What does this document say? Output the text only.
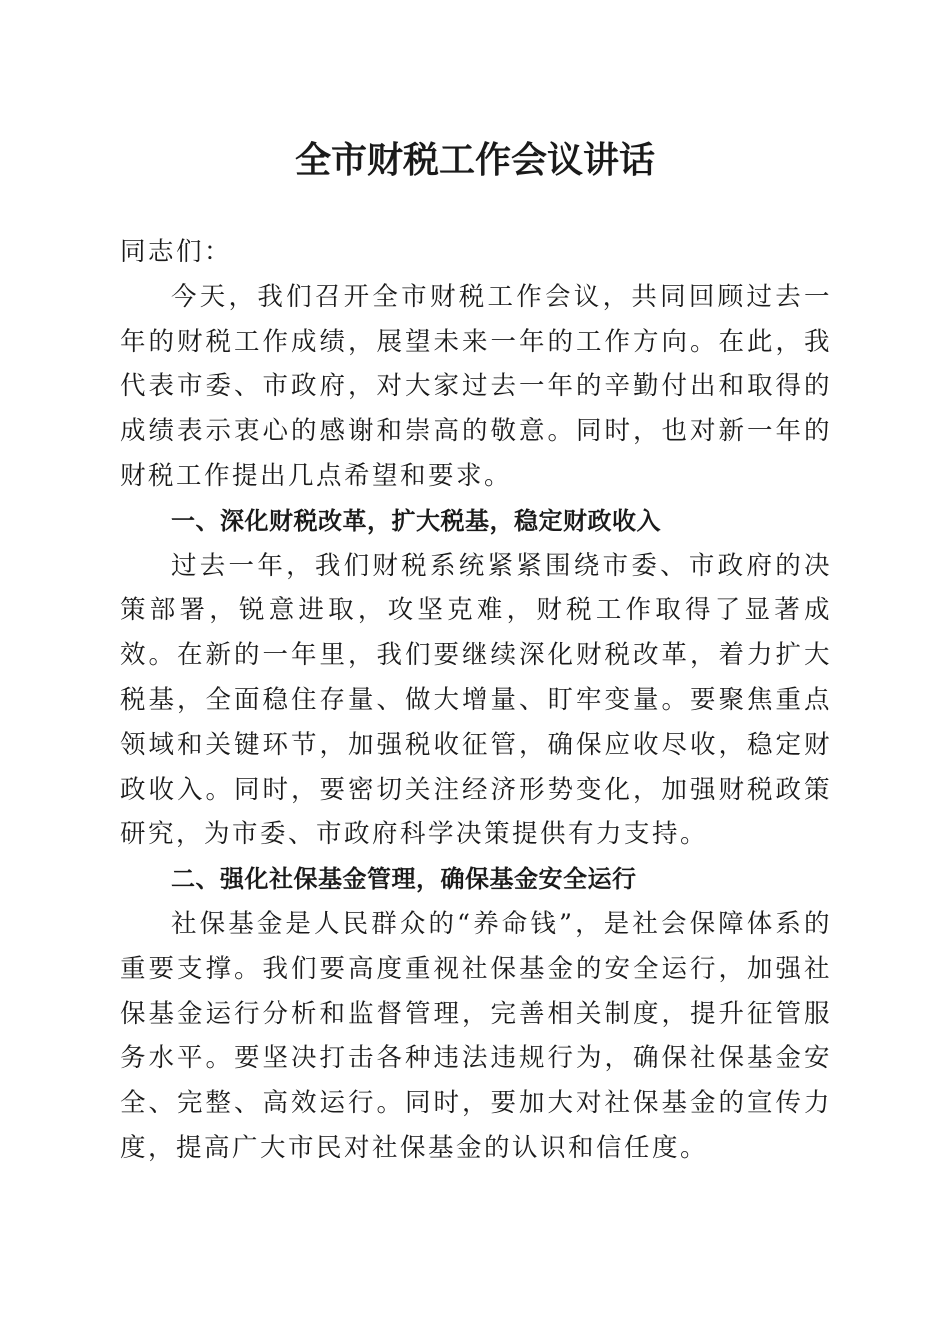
全市财税工作会议讲话

同志们：

今天，我们召开全市财税工作会议，共同回顾过去一年的财税工作成绩，展望未来一年的工作方向。在此，我代表市委、市政府，对大家过去一年的辛勤付出和取得的成绩表示衷心的感谢和崇高的敬意。同时，也对新一年的财税工作提出几点希望和要求。

一、深化财税改革，扩大税基，稳定财政收入

过去一年，我们财税系统紧紧围绕市委、市政府的决策部署，锐意进取，攻坚克难，财税工作取得了显著成效。在新的一年里，我们要继续深化财税改革，着力扩大税基，全面稳住存量、做大增量、盯牢变量。要聚焦重点领域和关键环节，加强税收征管，确保应收尽收，稳定财政收入。同时，要密切关注经济形势变化，加强财税政策研究，为市委、市政府科学决策提供有力支持。

二、强化社保基金管理，确保基金安全运行

社保基金是人民群众的“养命钱”，是社会保障体系的重要支撑。我们要高度重视社保基金的安全运行，加强社保基金运行分析和监督管理，完善相关制度，提升征管服务水平。要坚决打击各种违法违规行为，确保社保基金安全、完整、高效运行。同时，要加大对社保基金的宣传力度，提高广大市民对社保基金的认识和信任度。
